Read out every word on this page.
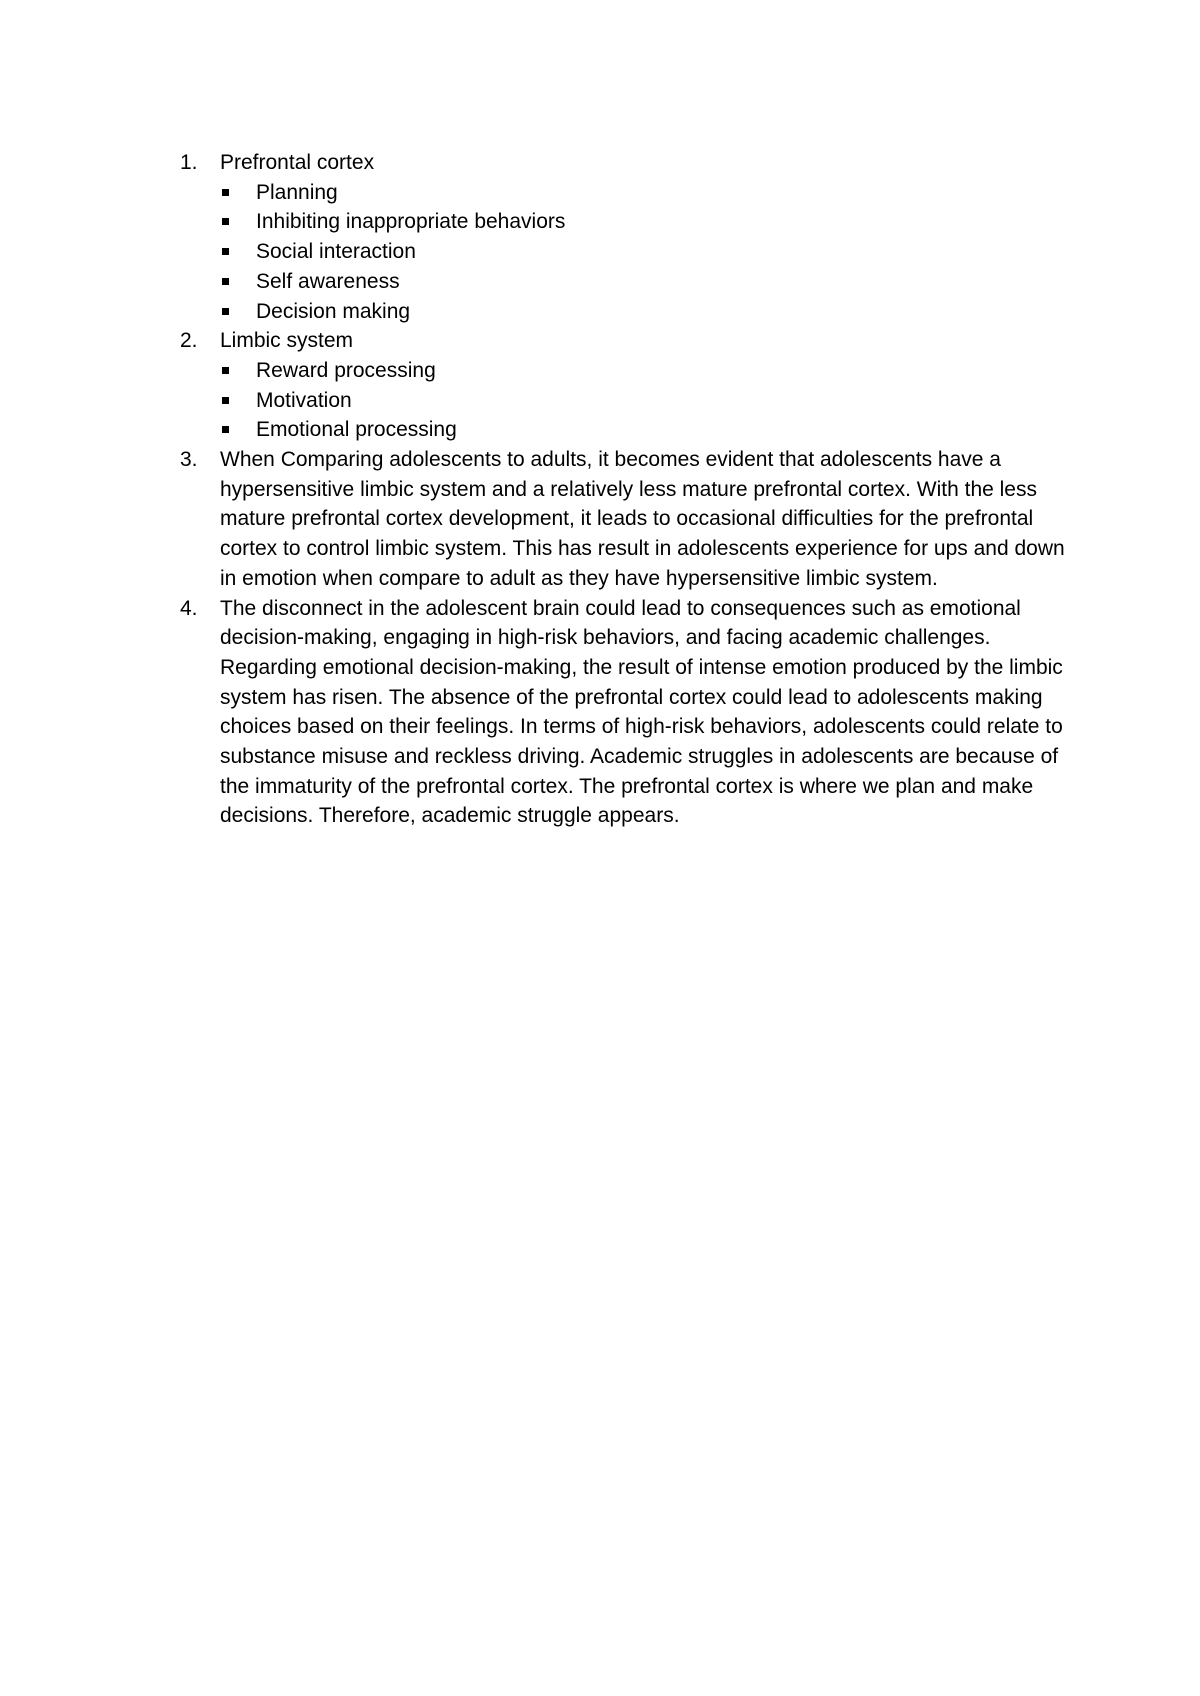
1.	Prefrontal cortex
Planning
Inhibiting inappropriate behaviors
Social interaction
Self awareness
Decision making
2.	Limbic system
Reward processing
Motivation
Emotional processing
3.	When Comparing adolescents to adults, it becomes evident that adolescents have a hypersensitive limbic system and a relatively less mature prefrontal cortex. With the less mature prefrontal cortex development, it leads to occasional difficulties for the prefrontal cortex to control limbic system. This has result in adolescents experience for ups and down in emotion when compare to adult as they have hypersensitive limbic system.
4.	The disconnect in the adolescent brain could lead to consequences such as emotional decision-making, engaging in high-risk behaviors, and facing academic challenges. Regarding emotional decision-making, the result of intense emotion produced by the limbic system has risen. The absence of the prefrontal cortex could lead to adolescents making choices based on their feelings. In terms of high-risk behaviors, adolescents could relate to substance misuse and reckless driving. Academic struggles in adolescents are because of the immaturity of the prefrontal cortex. The prefrontal cortex is where we plan and make decisions. Therefore, academic struggle appears.
